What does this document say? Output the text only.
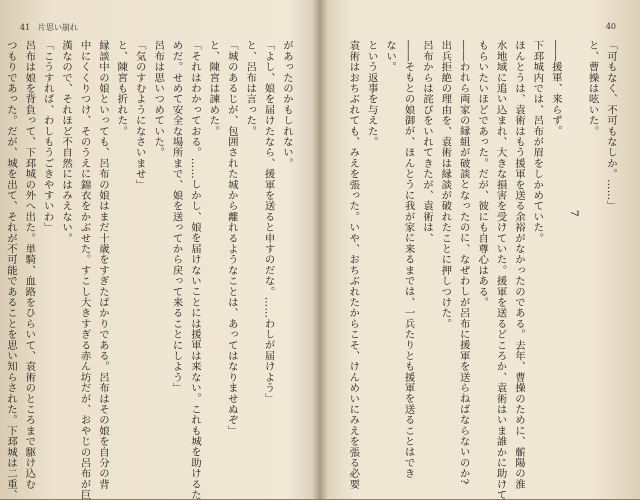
41 片思い崩れ

があったのかもしれない。

「よし、娘を届けたなら、援軍を送ると申すのだな。……わしが届けよう」

と、呂布は言った。

「城のあるじが、包囲された城から離れるようなことは、あってはなりませぬぞ」

と、陳宮は諫めた。

「それはわかっておる。……しかし、娘を届けないことには援軍は来ない。これも城を助けるた

めだ。せめて安全な場所まで、娘を送ってから戻って来ることにしよう」

呂布は思いつめていた。

「気のすむようになさいませ」

と、陳宮も折れた。

縁談中の娘といっても、呂布の娘はまだ十歳をすぎたばかりである。呂布はその娘を自分の背

中にくくりつけ、そのうえに錦衣をかぶせた。すこし大きすぎる赤ん坊だが、おやじの呂布が巨

漢なので、それほど不自然にはみえない。

「こうすれば、わしもうごきやすいわ」

呂布は娘を背負って、下邳城の外へ出た。単騎、血路をひらいて、袁術のところまで駆け込む

つもりであった。だが、城を出て、それが不可能であることを思い知らされた。下邳城は二重、

40

「可もなく、不可もなしか。……」

と、曹操は呟いた。

7

――援軍、来らず。

下邳城内では、呂布が眉をしかめていた。

ほんとうは、袁術はもう援軍を送る余裕がなかったのである。去年、曹操のために、蘄陽の淮

水地域に追い込まれ、大きな損害を受けていた。援軍を送るどころか、袁術はいま誰かに助けて

もらいたいほどであった。だが、彼にも自尊心はある。

――われら両家の縁組が破談となったのに、なぜわしが呂布に援軍を送らねばならないのか?

出兵拒絶の理由を、袁術は縁談が破れたことに押しつけた。

呂布からは詫びをいれてきたが、袁術は、

――そもとの娘御が、ほんとうに我が家に来るまでは、一兵たりとも援軍を送ることはでき

ない。

という返事を与えた。

袁術はおちぶれても、みえを張った。いや、おちぶれたからこそ、けんめいにみえを張る必要
